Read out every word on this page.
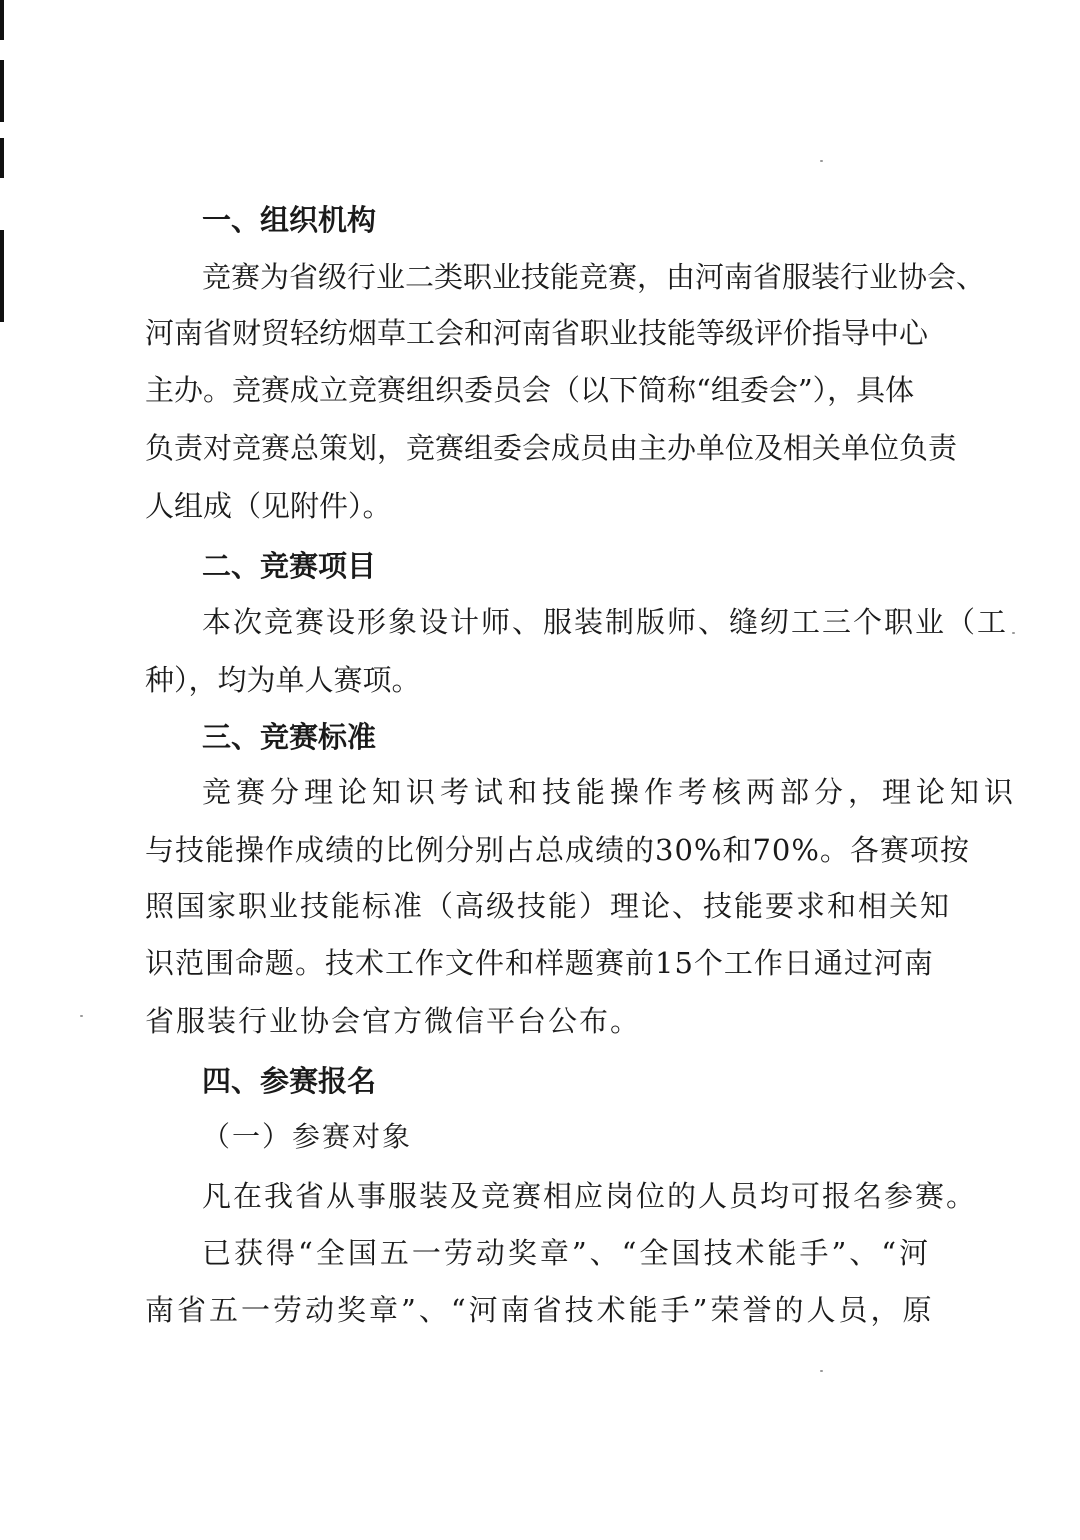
一、组织机构
竞赛为省级行业二类职业技能竞赛，由河南省服装行业协会、
河南省财贸轻纺烟草工会和河南省职业技能等级评价指导中心
主办。竞赛成立竞赛组织委员会（以下简称“组委会”），具体
负责对竞赛总策划，竞赛组委会成员由主办单位及相关单位负责
人组成（见附件）。
二、竞赛项目
本次竞赛设形象设计师、服装制版师、缝纫工三个职业（工
种），均为单人赛项。
三、竞赛标准
竞赛分理论知识考试和技能操作考核两部分，理论知识
与技能操作成绩的比例分别占总成绩的30%和70%。各赛项按
照国家职业技能标准（高级技能）理论、技能要求和相关知
识范围命题。技术工作文件和样题赛前15个工作日通过河南
省服装行业协会官方微信平台公布。
四、参赛报名
（一）参赛对象
凡在我省从事服装及竞赛相应岗位的人员均可报名参赛。
已获得“全国五一劳动奖章”、“全国技术能手”、“河
南省五一劳动奖章”、“河南省技术能手”荣誉的人员，原
